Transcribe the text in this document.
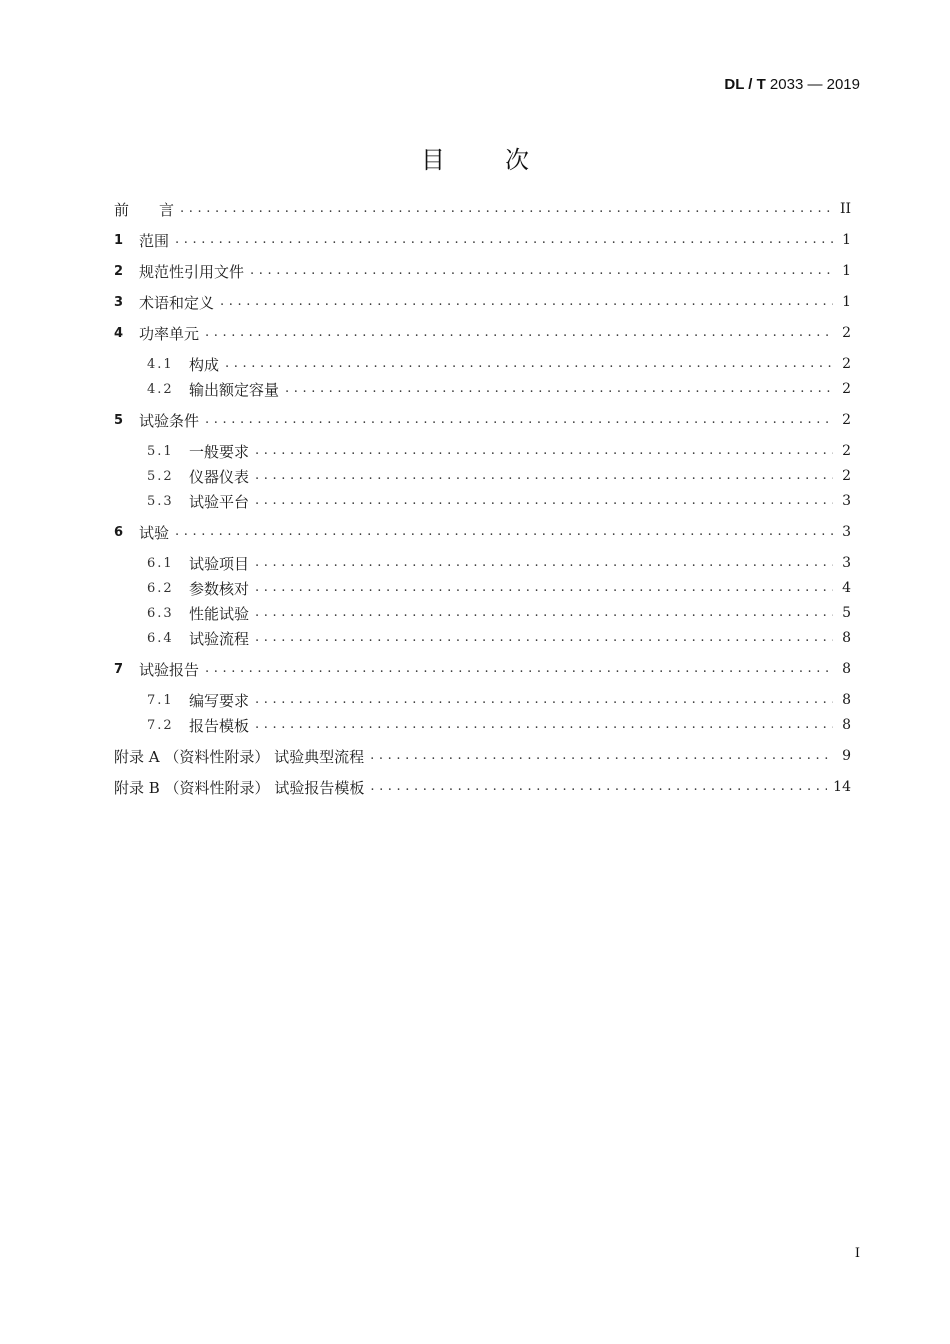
DL / T 2033 — 2019
目次
前　　言 .....	II
1	范围 .....	1
2	规范性引用文件 .....	1
3	术语和定义 .....	1
4	功率单元 .....	2
4.1	构成 .....	2
4.2	输出额定容量 .....	2
5	试验条件 .....	2
5.1	一般要求 .....	2
5.2	仪器仪表 .....	2
5.3	试验平台 .....	3
6	试验 .....	3
6.1	试验项目 .....	3
6.2	参数核对 .....	4
6.3	性能试验 .....	5
6.4	试验流程 .....	8
7	试验报告 .....	8
7.1	编写要求 .....	8
7.2	报告模板 .....	8
附录 A （资料性附录） 试验典型流程 .....	9
附录 B （资料性附录） 试验报告模板 .....	14
I
